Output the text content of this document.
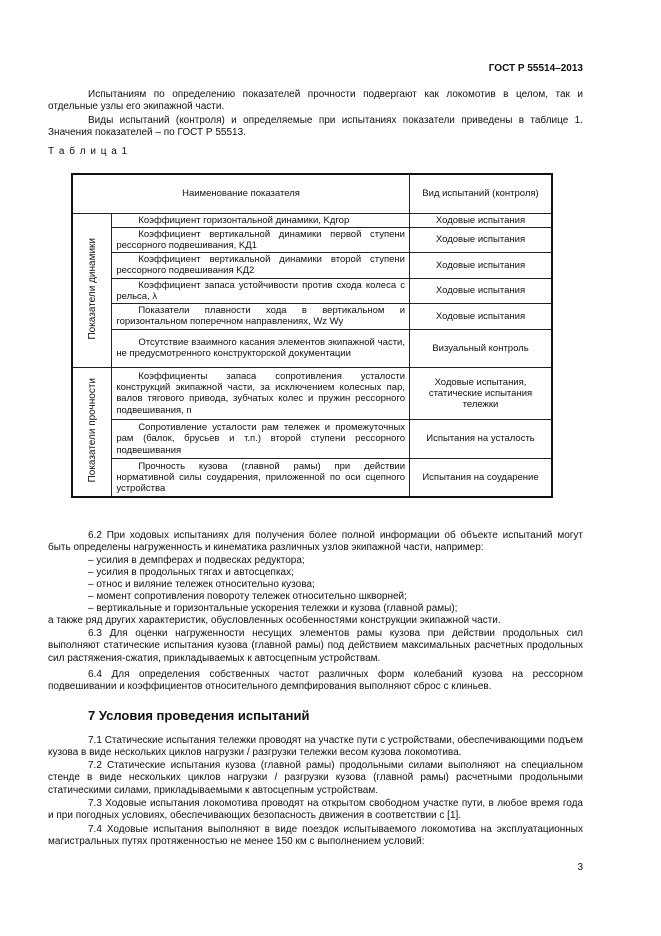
ГОСТ Р 55514–2013

Испытаниям по определению показателей прочности подвергают как локомотив в целом, так и отдельные узлы его экипажной части.

Виды испытаний (контроля) и определяемые при испытаниях показатели приведены в таблице 1. Значения показателей – по ГОСТ Р 55513.

Т а б л и ц а 1
Наименование показателя		Вид испытаний (контроля)
Показатели динамики	Коэффициент горизонтальной динамики, Kдгор	Ходовые испытания
	Коэффициент вертикальной динамики первой ступени рессорного подвешивания, KД1	Ходовые испытания
	Коэффициент вертикальной динамики второй ступени рессорного подвешивания KД2	Ходовые испытания
	Коэффициент запаса устойчивости против схода колеса с рельса, λ	Ходовые испытания
	Показатели плавности хода в вертикальном и горизонтальном поперечном направлениях, Wz Wy	Ходовые испытания
	Отсутствие взаимного касания элементов экипажной части, не предусмотренного конструкторской документации	Визуальный контроль
Показатели прочности	Коэффициенты запаса сопротивления усталости конструкций экипажной части, за исключением колесных пар, валов тягового привода, зубчатых колес и пружин рессорного подвешивания, n	Ходовые испытания, статические испытания тележки
	Сопротивление усталости рам тележек и промежуточных рам (балок, брусьев и т.п.) второй ступени рессорного подвешивания	Испытания на усталость
	Прочность кузова (главной рамы) при действии нормативной силы соударения, приложенной по оси сцепного устройства	Испытания на соударение

6.2 При ходовых испытаниях для получения более полной информации об объекте испытаний могут быть определены нагруженность и кинематика различных узлов экипажной части, например:

– усилия в демпферах и подвесках редуктора;

– усилия в продольных тягах и автосцепках;

– относ и виляние тележек относительно кузова;

– момент сопротивления повороту тележек относительно шкворней;

– вертикальные и горизонтальные ускорения тележки и кузова (главной рамы);

а также ряд других характеристик, обусловленных особенностями конструкции экипажной части.

6.3 Для оценки нагруженности несущих элементов рамы кузова при действии продольных сил выполняют статические испытания кузова (главной рамы) под действием максимальных расчетных продольных сил растяжения-сжатия, прикладываемых к автосцепным устройствам.

6.4 Для определения собственных частот различных форм колебаний кузова на рессорном подвешивании и коэффициентов относительного демпфирования выполняют сброс с клиньев.

7 Условия проведения испытаний

7.1 Статические испытания тележки проводят на участке пути с устройствами, обеспечивающими подъем кузова в виде нескольких циклов нагрузки / разгрузки тележки весом кузова локомотива.

7.2 Статические испытания кузова (главной рамы) продольными силами выполняют на специальном стенде в виде нескольких циклов нагрузки / разгрузки кузова (главной рамы) расчетными продольными статическими силами, прикладываемыми к автосцепным устройствам.

7.3 Ходовые испытания локомотива проводят на открытом свободном участке пути, в любое время года и при погодных условиях, обеспечивающих безопасность движения в соответствии с [1].

7.4 Ходовые испытания выполняют в виде поездок испытываемого локомотива на эксплуатационных магистральных путях протяженностью не менее 150 км с выполнением условий:

3
